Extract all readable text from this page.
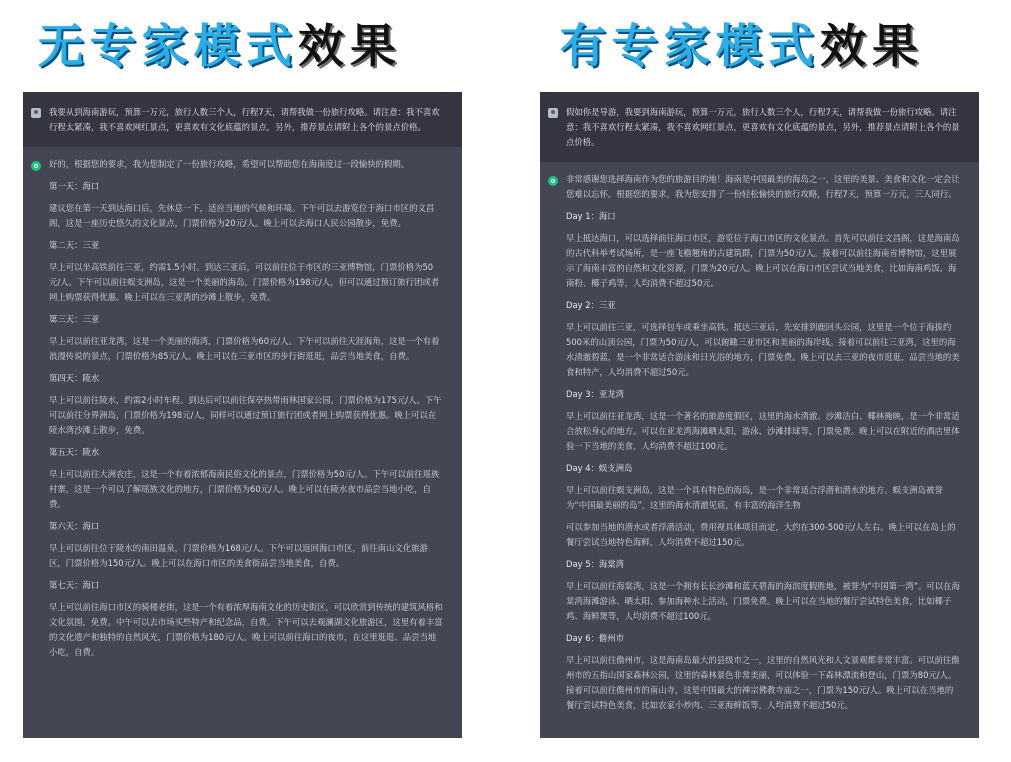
无专家模式效果	有专家模式效果

我要从到海南游玩，预算一万元，旅行人数三个人，行程7天，请帮我做一份旅行攻略。请注意：我不喜欢行程太紧凑，我不喜欢网红景点，更喜欢有文化底蕴的景点，另外，推荐景点请附上各个的景点价格。

好的，根据您的要求，我为您制定了一份旅行攻略，希望可以帮助您在海南度过一段愉快的假期。

第一天：海口

建议您在第一天到达海口后，先休息一下，适应当地的气候和环境。下午可以去游览位于海口市区的文昌阁，这是一座历史悠久的文化景点，门票价格为20元/人。晚上可以去海口人民公园散步，免费。

第二天：三亚

早上可以坐高铁前往三亚，约需1.5小时。到达三亚后，可以前往位于市区的三亚博物馆，门票价格为50元/人。下午可以前往蜈支洲岛，这是一个美丽的海岛，门票价格为198元/人，但可以通过预订旅行团或者网上购票获得优惠。晚上可以在三亚湾的沙滩上散步，免费。

第三天：三亚

早上可以前往亚龙湾，这是一个美丽的海湾，门票价格为60元/人。下午可以前往天涯海角，这是一个有着浪漫传说的景点，门票价格为85元/人。晚上可以在三亚市区的步行街逛逛，品尝当地美食，自费。

第四天：陵水

早上可以前往陵水，约需2小时车程。到达后可以前往保亭热带雨林国家公园，门票价格为175元/人。下午可以前往分界洲岛，门票价格为198元/人，同样可以通过预订旅行团或者网上购票获得优惠。晚上可以在陵水湾沙滩上散步，免费。

第五天：陵水

早上可以前往大洲农庄，这是一个有着浓郁海南民俗文化的景点，门票价格为50元/人。下午可以前往瑶族村寨，这是一个可以了解瑶族文化的地方，门票价格为60元/人。晚上可以在陵水夜市品尝当地小吃，自费。

第六天：海口

早上可以前往位于陵水的南田温泉，门票价格为168元/人。下午可以返回海口市区，前往南山文化旅游区，门票价格为150元/人。晚上可以在海口市区的美食街品尝当地美食，自费。

第七天：海口

早上可以前往海口市区的骑楼老街，这是一个有着浓厚海南文化的历史街区，可以欣赏到传统的建筑风格和文化氛围，免费。中午可以去市场买些特产和纪念品，自费。下午可以去观澜湖文化旅游区，这里有着丰富的文化遗产和独特的自然风光，门票价格为180元/人。晚上可以前往海口的夜市，在这里逛逛、品尝当地小吃，自费。

假如你是导游，我要到海南游玩，预算一万元，旅行人数三个人，行程7天，请帮我做一份旅行攻略。请注意：我不喜欢行程太紧凑，我不喜欢网红景点，更喜欢有文化底蕴的景点，另外，推荐景点请附上各个的景点价格。

非常感谢您选择海南作为您的旅游目的地！海南是中国最美的海岛之一，这里的美景、美食和文化一定会让您难以忘怀。根据您的要求，我为您安排了一份轻松愉快的旅行攻略，行程7天，预算一万元，三人同行。

Day 1：海口

早上抵达海口，可以选择前往海口市区，游览位于海口市区的文化景点。首先可以前往文昌阁，这是海南岛的古代科举考试场所，是一座飞檐翘角的古建筑群，门票为50元/人。接着可以前往海南省博物馆，这里展示了海南丰富的自然和文化资源，门票为20元/人。晚上可以在海口市区尝试当地美食，比如海南鸡饭、海南粉、椰子鸡等，人均消费不超过50元。

Day 2：三亚

早上可以前往三亚，可选择包车或乘坐高铁。抵达三亚后，先安排到鹿回头公园，这里是一个位于海拔约500米的山顶公园，门票为50元/人，可以俯瞰三亚市区和美丽的海岸线。接着可以前往三亚湾，这里的海水清澈碧蓝，是一个非常适合游泳和日光浴的地方，门票免费。晚上可以去三亚的夜市逛逛，品尝当地的美食和特产，人均消费不超过50元。

Day 3：亚龙湾

早上可以前往亚龙湾，这是一个著名的旅游度假区，这里的海水清澈、沙滩洁白、椰林掩映，是一个非常适合放松身心的地方。可以在亚龙湾海滩晒太阳，游泳、沙滩排球等，门票免费。晚上可以在附近的酒店里体验一下当地的美食，人均消费不超过100元。

Day 4：蜈支洲岛

早上可以前往蜈支洲岛，这是一个具有特色的海岛，是一个非常适合浮潜和潜水的地方。蜈支洲岛被誉为“中国最美丽的岛”，这里的海水清澈见底，有丰富的海洋生物

可以参加当地的潜水或者浮潜活动，费用视具体项目而定，大约在300-500元/人左右。晚上可以在岛上的餐厅尝试当地特色海鲜，人均消费不超过150元。

Day 5：海棠湾

早上可以前往海棠湾，这是一个拥有长长沙滩和蓝天碧海的海滨度假胜地，被誉为“中国第一湾”。可以在海棠湾海滩游泳、晒太阳、参加海种水上活动，门票免费。晚上可以在当地的餐厅尝试特色美食，比如椰子鸡、海鲜煲等，人均消费不超过100元。

Day 6：儋州市

早上可以前往儋州市，这是海南岛最大的县级市之一，这里的自然风光和人文景观都非常丰富。可以前往儋州市的五指山国家森林公园，这里的森林景色非常美丽，可以体验一下森林漂流和登山，门票为80元/人。接着可以前往儋州市的南山寺，这是中国最大的禅宗佛教寺庙之一，门票为150元/人。晚上可以在当地的餐厅尝试特色美食，比如农家小炒肉、三亚海鲜饭等，人均消费不超过50元。
